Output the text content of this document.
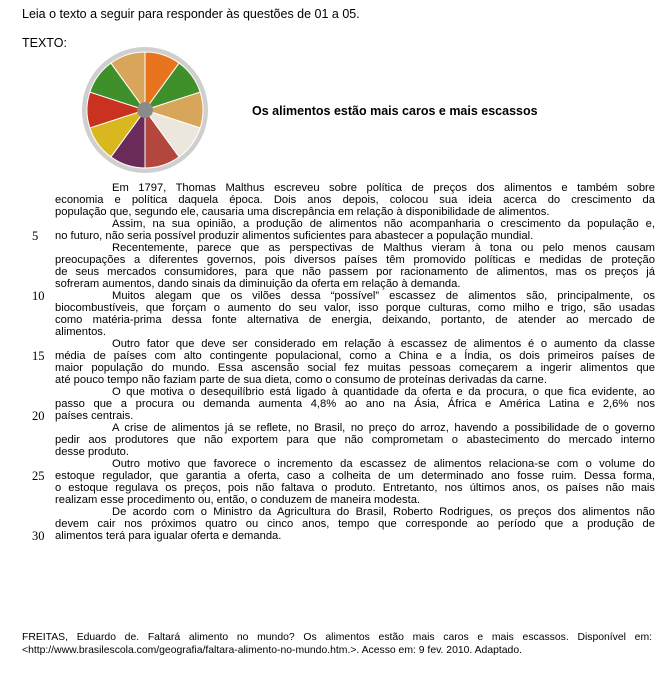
Leia o texto a seguir para responder às questões de 01 a 05.
TEXTO:
Os alimentos estão mais caros e mais escassos
Em 1797, Thomas Malthus escreveu sobre política de preços dos alimentos e também sobre
economia e política daquela época. Dois anos depois, colocou sua ideia acerca do crescimento da
população que, segundo ele, causaria uma discrepância em relação à disponibilidade de alimentos.
Assim, na sua opinião, a produção de alimentos não acompanharia o crescimento da população e,
5	no futuro, não seria possível produzir alimentos suficientes para abastecer a população mundial.
Recentemente, parece que as perspectivas de Malthus vieram à tona ou pelo menos causam
preocupações a diferentes governos, pois diversos países têm promovido políticas e medidas de proteção
de seus mercados consumidores, para que não passem por racionamento de alimentos, mas os preços já
sofreram aumentos, dando sinais da diminuição da oferta em relação à demanda.
10	Muitos alegam que os vilões dessa “possível” escassez de alimentos são, principalmente, os
biocombustíveis, que forçam o aumento do seu valor, isso porque culturas, como milho e trigo, são usadas
como matéria-prima dessa fonte alternativa de energia, deixando, portanto, de atender ao mercado de
alimentos.
Outro fator que deve ser considerado em relação à escassez de alimentos é o aumento da classe
15 média de países com alto contingente populacional, como a China e a Índia, os dois primeiros países de
maior população do mundo. Essa ascensão social fez muitas pessoas começarem a ingerir alimentos que
até pouco tempo não faziam parte de sua dieta, como o consumo de proteínas derivadas da carne.
O que motiva o desequilíbrio está ligado à quantidade da oferta e da procura, o que fica evidente, ao
passo que a procura ou demanda aumenta 4,8% ao ano na Ásia, África e América Latina e 2,6% nos
20 países centrais.
A crise de alimentos já se reflete, no Brasil, no preço do arroz, havendo a possibilidade de o governo
pedir aos produtores que não exportem para que não comprometam o abastecimento do mercado interno
desse produto.
Outro motivo que favorece o incremento da escassez de alimentos relaciona-se com o volume do
25 estoque regulador, que garantia a oferta, caso a colheita de um determinado ano fosse ruim. Dessa forma,
o estoque regulava os preços, pois não faltava o produto. Entretanto, nos últimos anos, os países não mais
realizam esse procedimento ou, então, o conduzem de maneira modesta.
De acordo com o Ministro da Agricultura do Brasil, Roberto Rodrigues, os preços dos alimentos não
devem cair nos próximos quatro ou cinco anos, tempo que corresponde ao período que a produção de
30 alimentos terá para igualar oferta e demanda.
FREITAS, Eduardo de. Faltará alimento no mundo? Os alimentos estão mais caros e mais escassos. Disponível em:
<http://www.brasilescola.com/geografia/faltara-alimento-no-mundo.htm.>. Acesso em: 9 fev. 2010. Adaptado.
